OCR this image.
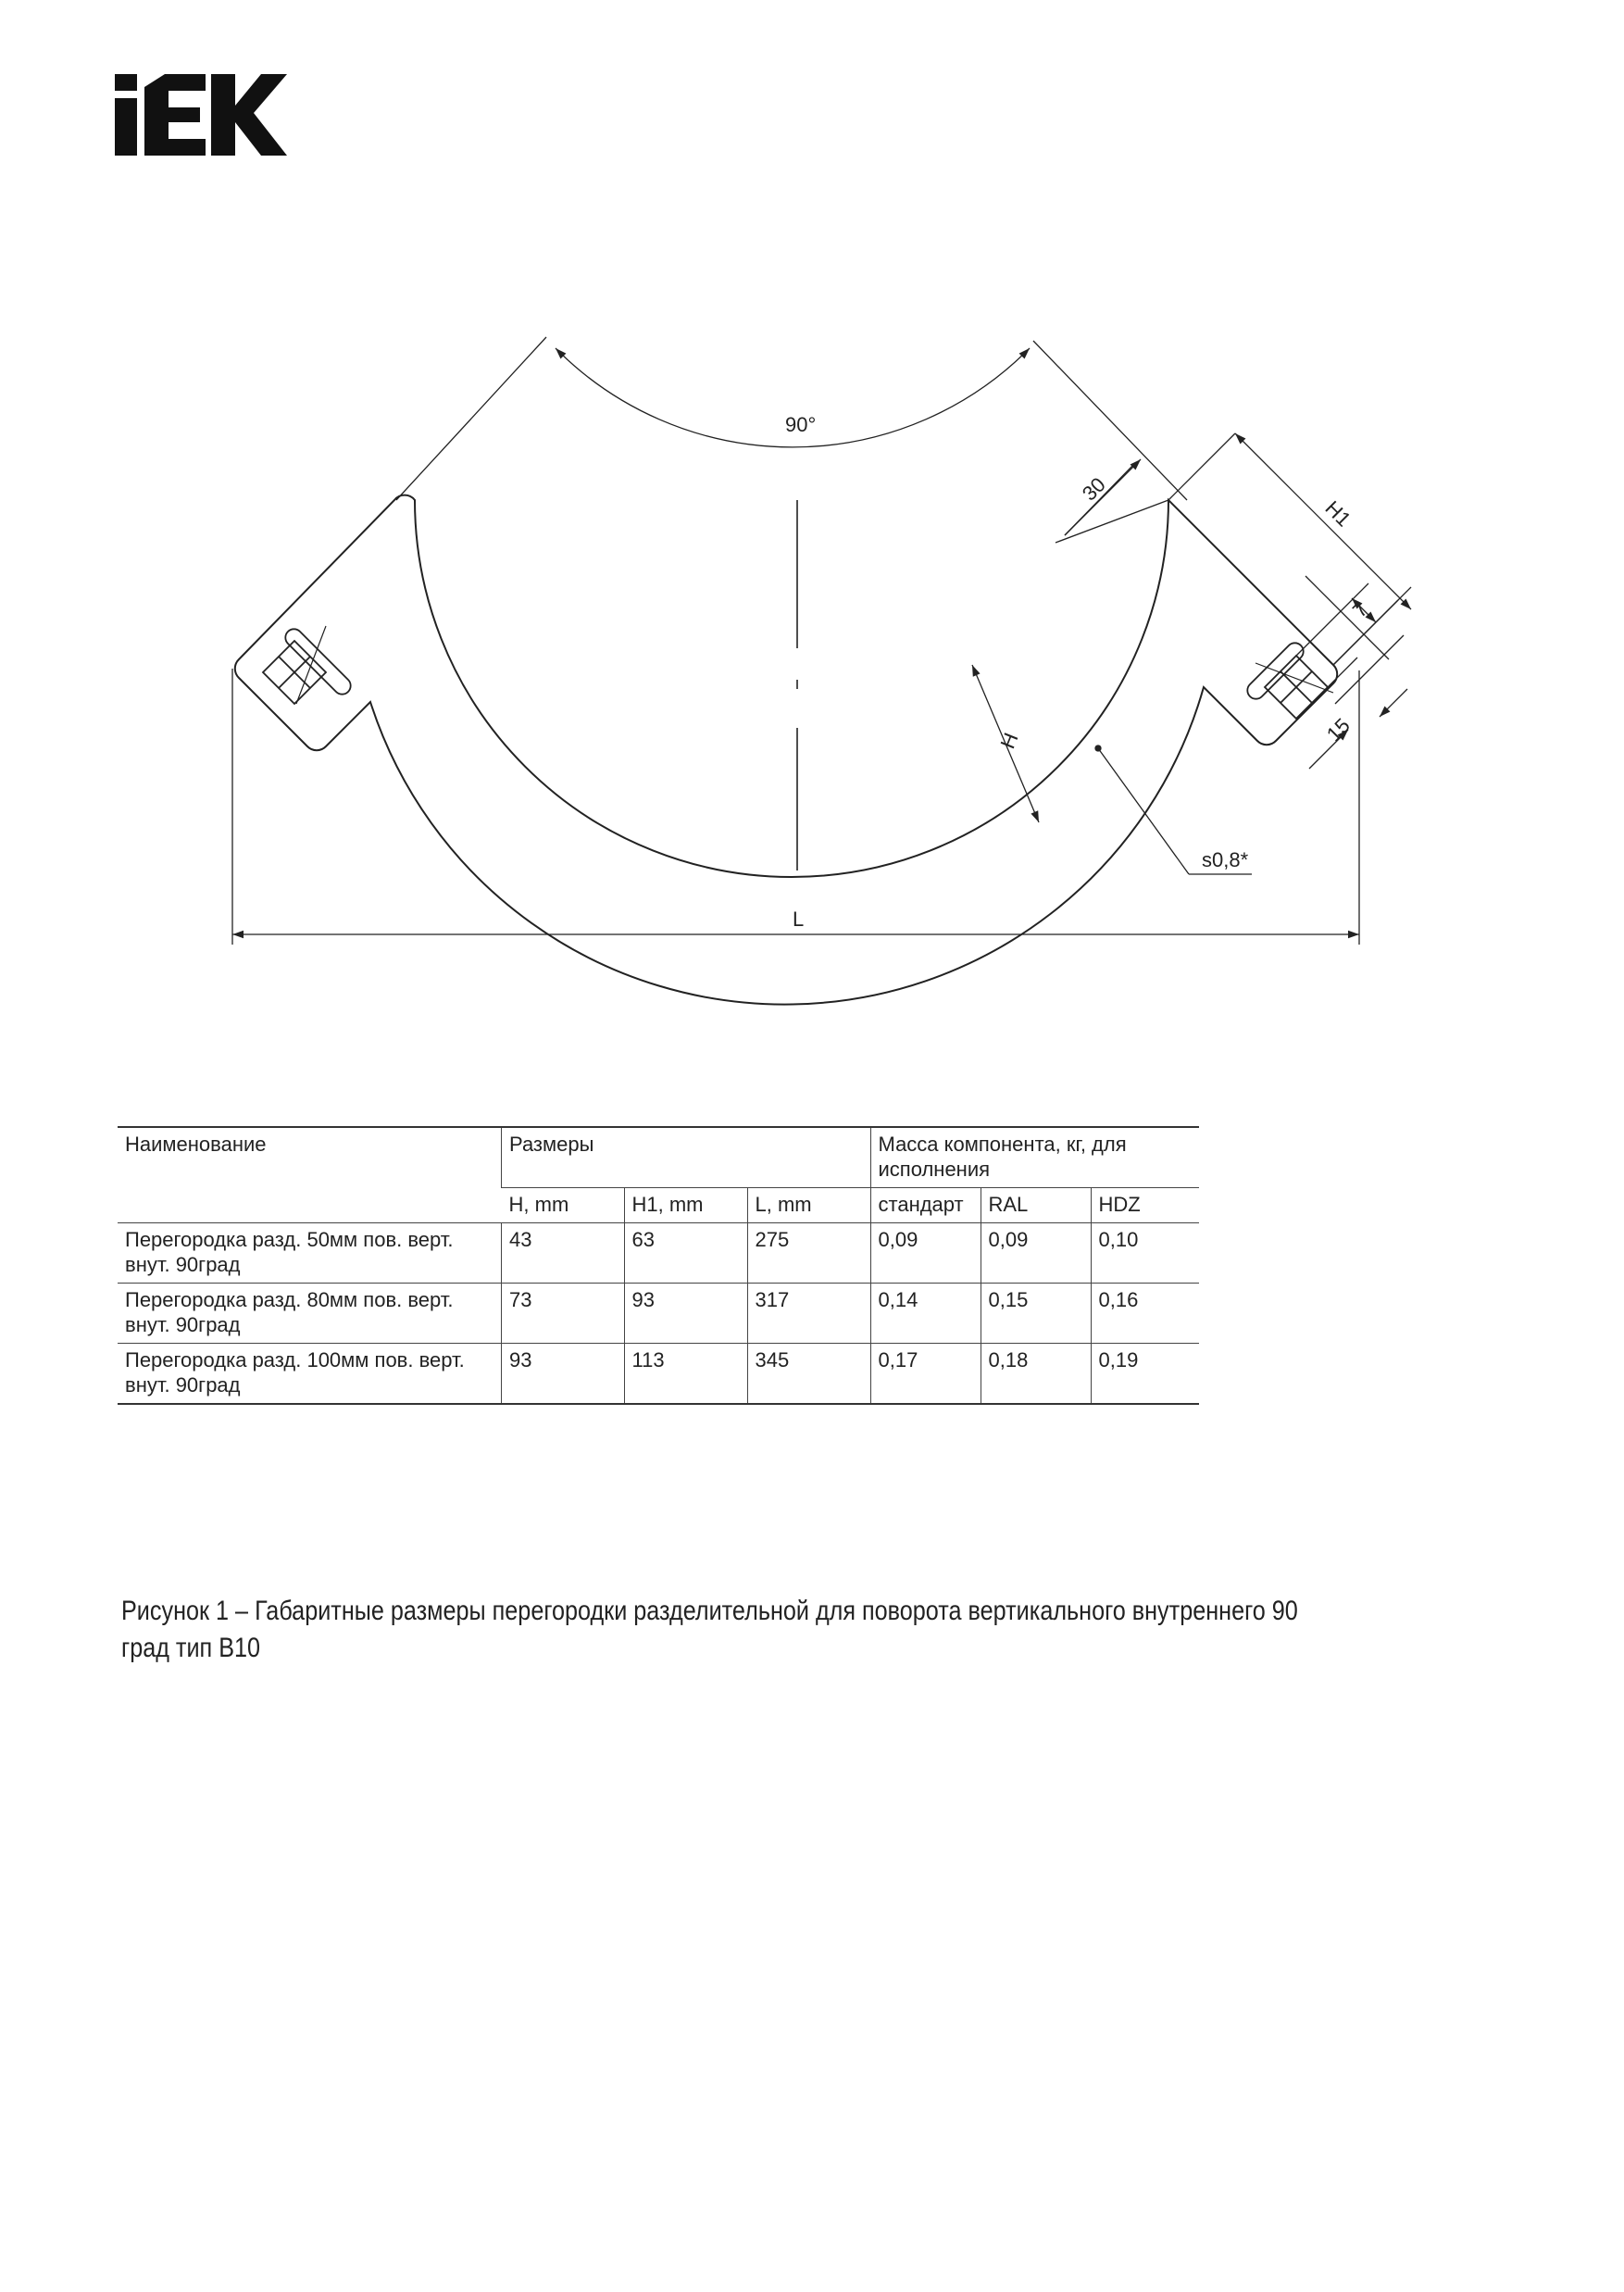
90°
30
H1
7
15
H
s0,8*
L
Наименование	Размеры			Масса компонента, кг, для исполнения		
	H, mm	H1, mm	L, mm	стандарт	RAL	HDZ
Перегородка разд. 50мм пов. верт. внут. 90град	43	63	275	0,09	0,09	0,10
Перегородка разд. 80мм пов. верт. внут. 90град	73	93	317	0,14	0,15	0,16
Перегородка разд. 100мм пов. верт. внут. 90град	93	113	345	0,17	0,18	0,19
Рисунок 1 – Габаритные размеры перегородки разделительной для поворота вертикального внутреннего 90 град тип В10
